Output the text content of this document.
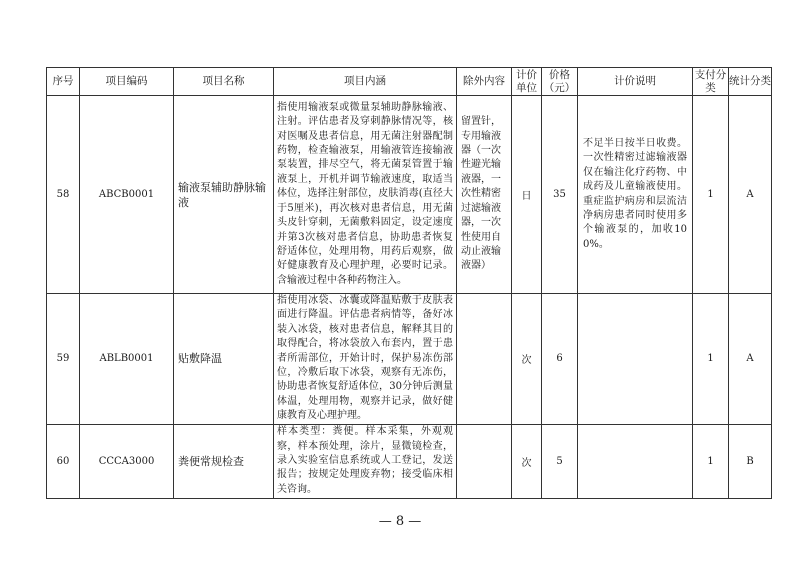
序号	项目编码	项目名称	项目内涵	除外内容	计价单位	价格（元）	计价说明	支付分类	统计分类
58	ABCB0001	输液泵辅助静脉输液	指使用输液泵或微量泵辅助静脉输液、注射。评估患者及穿刺静脉情况等，核对医嘱及患者信息，用无菌注射器配制药物，检查输液泵，用输液管连接输液泵装置，排尽空气，将无菌泵管置于输液泵上，开机并调节输液速度，取适当体位，选择注射部位，皮肤消毒(直径大于5厘米)，再次核对患者信息，用无菌头皮针穿刺，无菌敷料固定，设定速度并第3次核对患者信息，协助患者恢复舒适体位，处理用物，用药后观察，做好健康教育及心理护理，必要时记录。含输液过程中各种药物注入。	留置针，专用输液器（一次性避光输液器，一次性精密过滤输液器，一次性使用自动止液输液器）	日	35	不足半日按半日收费。一次性精密过滤输液器仅在输注化疗药物、中成药及儿童输液使用。重症监护病房和层流洁净病房患者同时使用多个输液泵的，加收100%。	1	A
59	ABLB0001	贴敷降温	指使用冰袋、冰囊或降温贴敷于皮肤表面进行降温。评估患者病情等，备好冰装入冰袋，核对患者信息，解释其目的取得配合，将冰袋放入布套内，置于患者所需部位，开始计时，保护易冻伤部位，冷敷后取下冰袋，观察有无冻伤，协助患者恢复舒适体位，30分钟后测量体温，处理用物，观察并记录，做好健康教育及心理护理。		次	6		1	A
60	CCCA3000	粪便常规检查	样本类型：粪便。样本采集，外观观察，样本预处理，涂片，显微镜检查，录入实验室信息系统或人工登记，发送报告；按规定处理废弃物；接受临床相关咨询。		次	5		1	B
— 8 —
